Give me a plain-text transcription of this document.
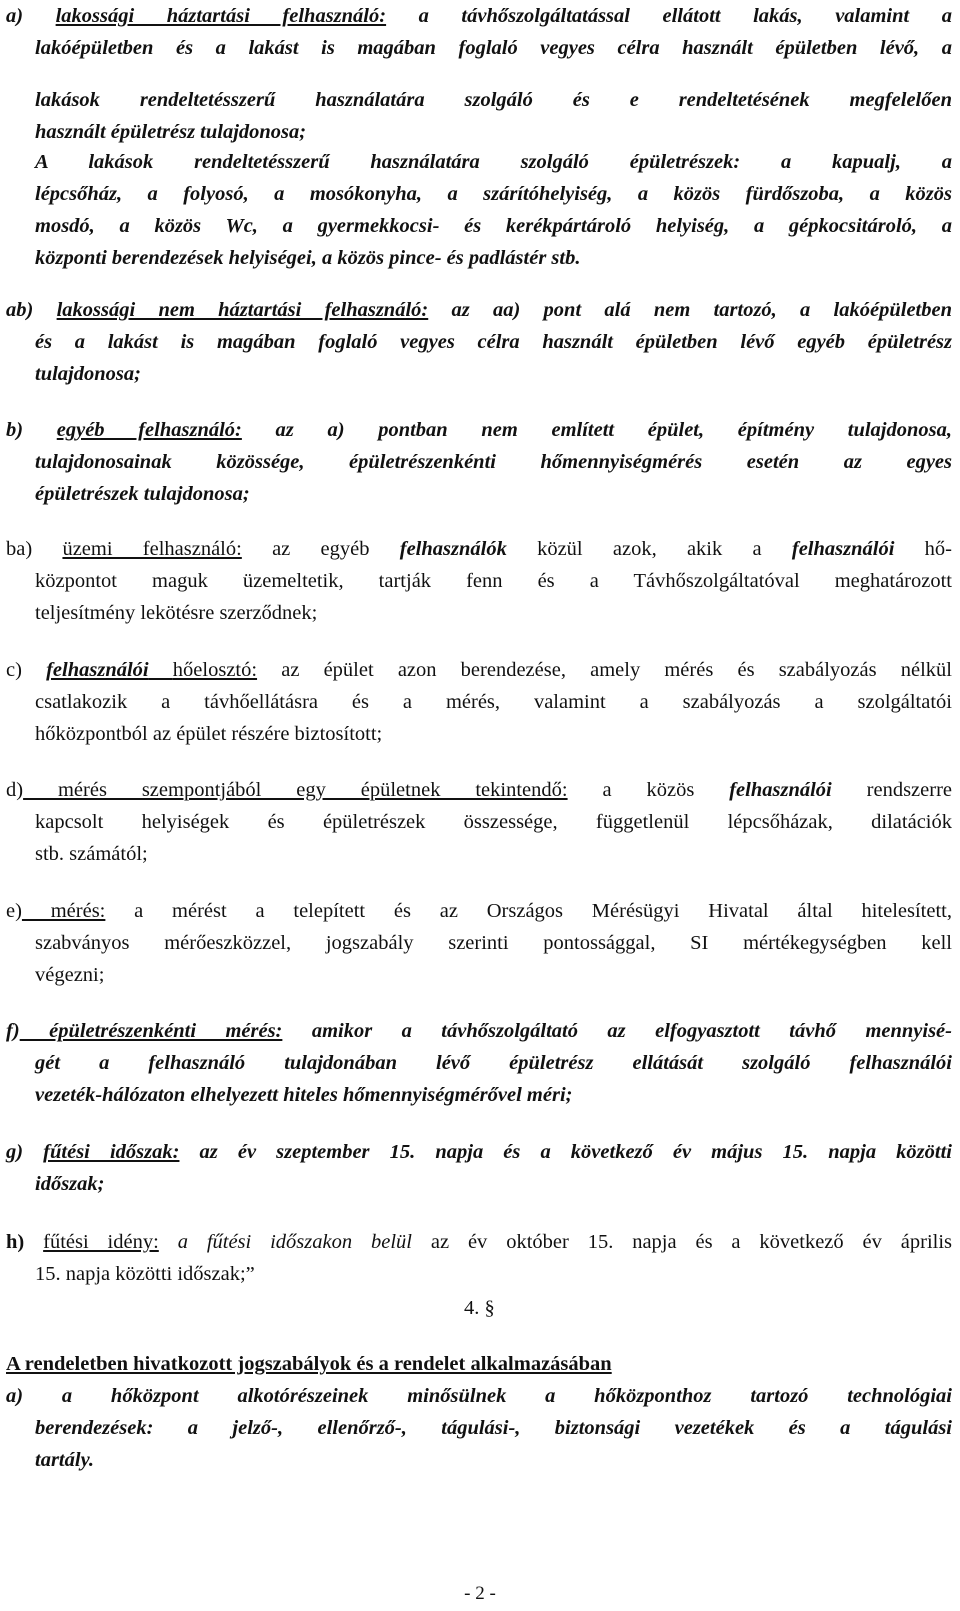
a) lakossági háztartási felhasználó: a távhőszolgáltatással ellátott lakás, valamint a
lakóépületben és a lakást is magában foglaló vegyes célra használt épületben lévő, a
lakások rendeltetésszerű használatára szolgáló és e rendeltetésének megfelelően
használt épületrész tulajdonosa;
A lakások rendeltetésszerű használatára szolgáló épületrészek: a kapualj, a
lépcsőház, a folyosó, a mosókonyha, a szárítóhelyiség, a közös fürdőszoba, a közös
mosdó, a közös Wc, a gyermekkocsi- és kerékpártároló helyiség, a gépkocsitároló, a
központi berendezések helyiségei, a közös pince- és padlástér stb.
ab) lakossági nem háztartási felhasználó: az aa) pont alá nem tartozó, a lakóépületben
és a lakást is magában foglaló vegyes célra használt épületben lévő egyéb épületrész
tulajdonosa;
b) egyéb felhasználó: az a) pontban nem említett épület, építmény tulajdonosa,
tulajdonosainak közössége, épületrészenkénti hőmennyiségmérés esetén az egyes
épületrészek tulajdonosa;
ba) üzemi felhasználó: az egyéb felhasználók közül azok, akik a felhasználói hő-
központot maguk üzemeltetik, tartják fenn és a Távhőszolgáltatóval meghatározott
teljesítmény lekötésre szerződnek;
c) felhasználói hőelosztó: az épület azon berendezése, amely mérés és szabályozás nélkül
csatlakozik a távhőellátásra és a mérés, valamint a szabályozás a szolgáltatói
hőközpontból az épület részére biztosított;
d) mérés szempontjából egy épületnek tekintendő: a közös felhasználói rendszerre
kapcsolt helyiségek és épületrészek összessége, függetlenül lépcsőházak, dilatációk
stb. számától;
e) mérés: a mérést a telepített és az Országos Mérésügyi Hivatal által hitelesített,
szabványos mérőeszközzel, jogszabály szerinti pontossággal, SI mértékegységben kell
végezni;
f) épületrészenkénti mérés: amikor a távhőszolgáltató az elfogyasztott távhő mennyisé-
gét a felhasználó tulajdonában lévő épületrész ellátását szolgáló felhasználói
vezeték-hálózaton elhelyezett hiteles hőmennyiségmérővel méri;
g) fűtési időszak: az év szeptember 15. napja és a következő év május 15. napja közötti
időszak;
h) fűtési idény: a fűtési időszakon belül az év október 15. napja és a következő év április
15. napja közötti időszak;”
4. §
A rendeletben hivatkozott jogszabályok és a rendelet alkalmazásában
a) a hőközpont alkotórészeinek minősülnek a hőközponthoz tartozó technológiai
berendezések: a jelző-, ellenőrző-, tágulási-, biztonsági vezetékek és a tágulási
tartály.
- 2 -
